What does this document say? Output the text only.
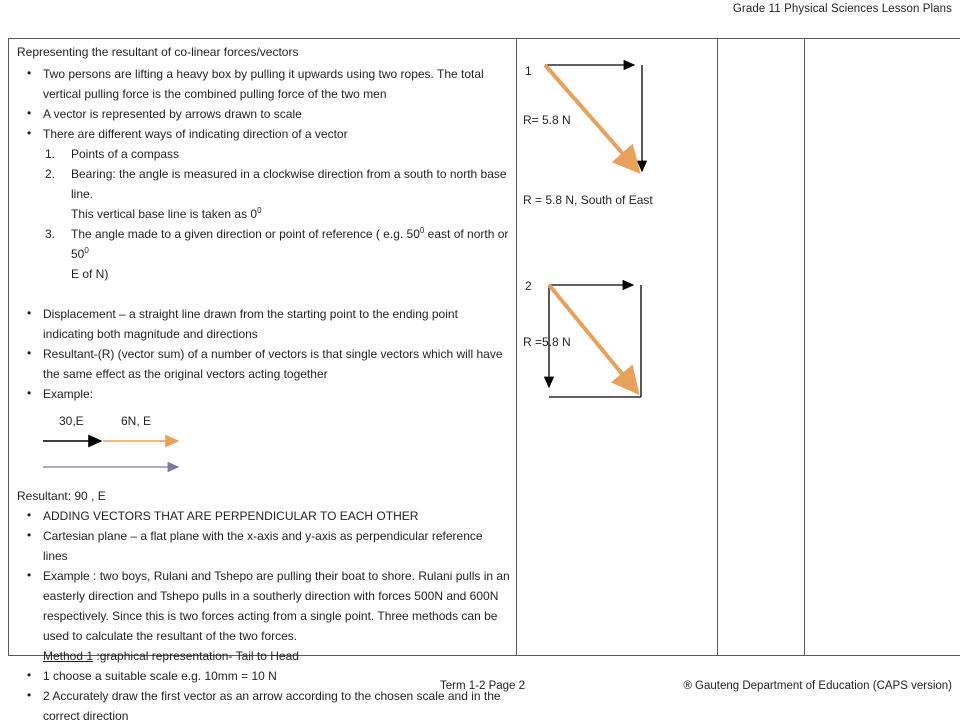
Grade 11 Physical Sciences Lesson Plans
Representing the resultant of co-linear forces/vectors
• Two persons are lifting a heavy box by pulling it upwards using two ropes. The total vertical pulling force is the combined pulling force of the two men
• A vector is represented by arrows drawn to scale
• There are different ways of indicating direction of a vector
1. Points of a compass
2. Bearing: the angle is measured in a clockwise direction from a south to north base line.
This vertical base line is taken as $0^0$
3. The angle made to a given direction or point of reference ( e.g. $50^0$ east of north or $50^0$
E of N)
• Displacement – a straight line drawn from the starting point to the ending point indicating both magnitude and directions
• Resultant-(R) (vector sum) of a number of vectors is that single vectors which will have the same effect as the original vectors acting together
• Example:
30,E	6N, E
Resultant: 90 , E
• ADDING VECTORS THAT ARE PERPENDICULAR TO EACH OTHER
• Cartesian plane – a flat plane with the x-axis and y-axis as perpendicular reference lines
• Example : two boys, Rulani and Tshepo are pulling their boat to shore. Rulani pulls in an easterly direction and Tshepo pulls in a southerly direction with forces 500N and 600N respectively. Since this is two forces acting from a single point. Three methods can be used to calculate the resultant of the two forces.
Method 1 :graphical representation- Tail to Head
• 1 choose a suitable scale e.g. 10mm = 10 N
• 2 Accurately draw the first vector as an arrow according to the chosen scale and in the correct direction
1
R= 5.8 N
R = 5.8 N, South of East
2
R =5.8 N
Term 1-2 Page 2	® Gauteng Department of Education (CAPS version)
